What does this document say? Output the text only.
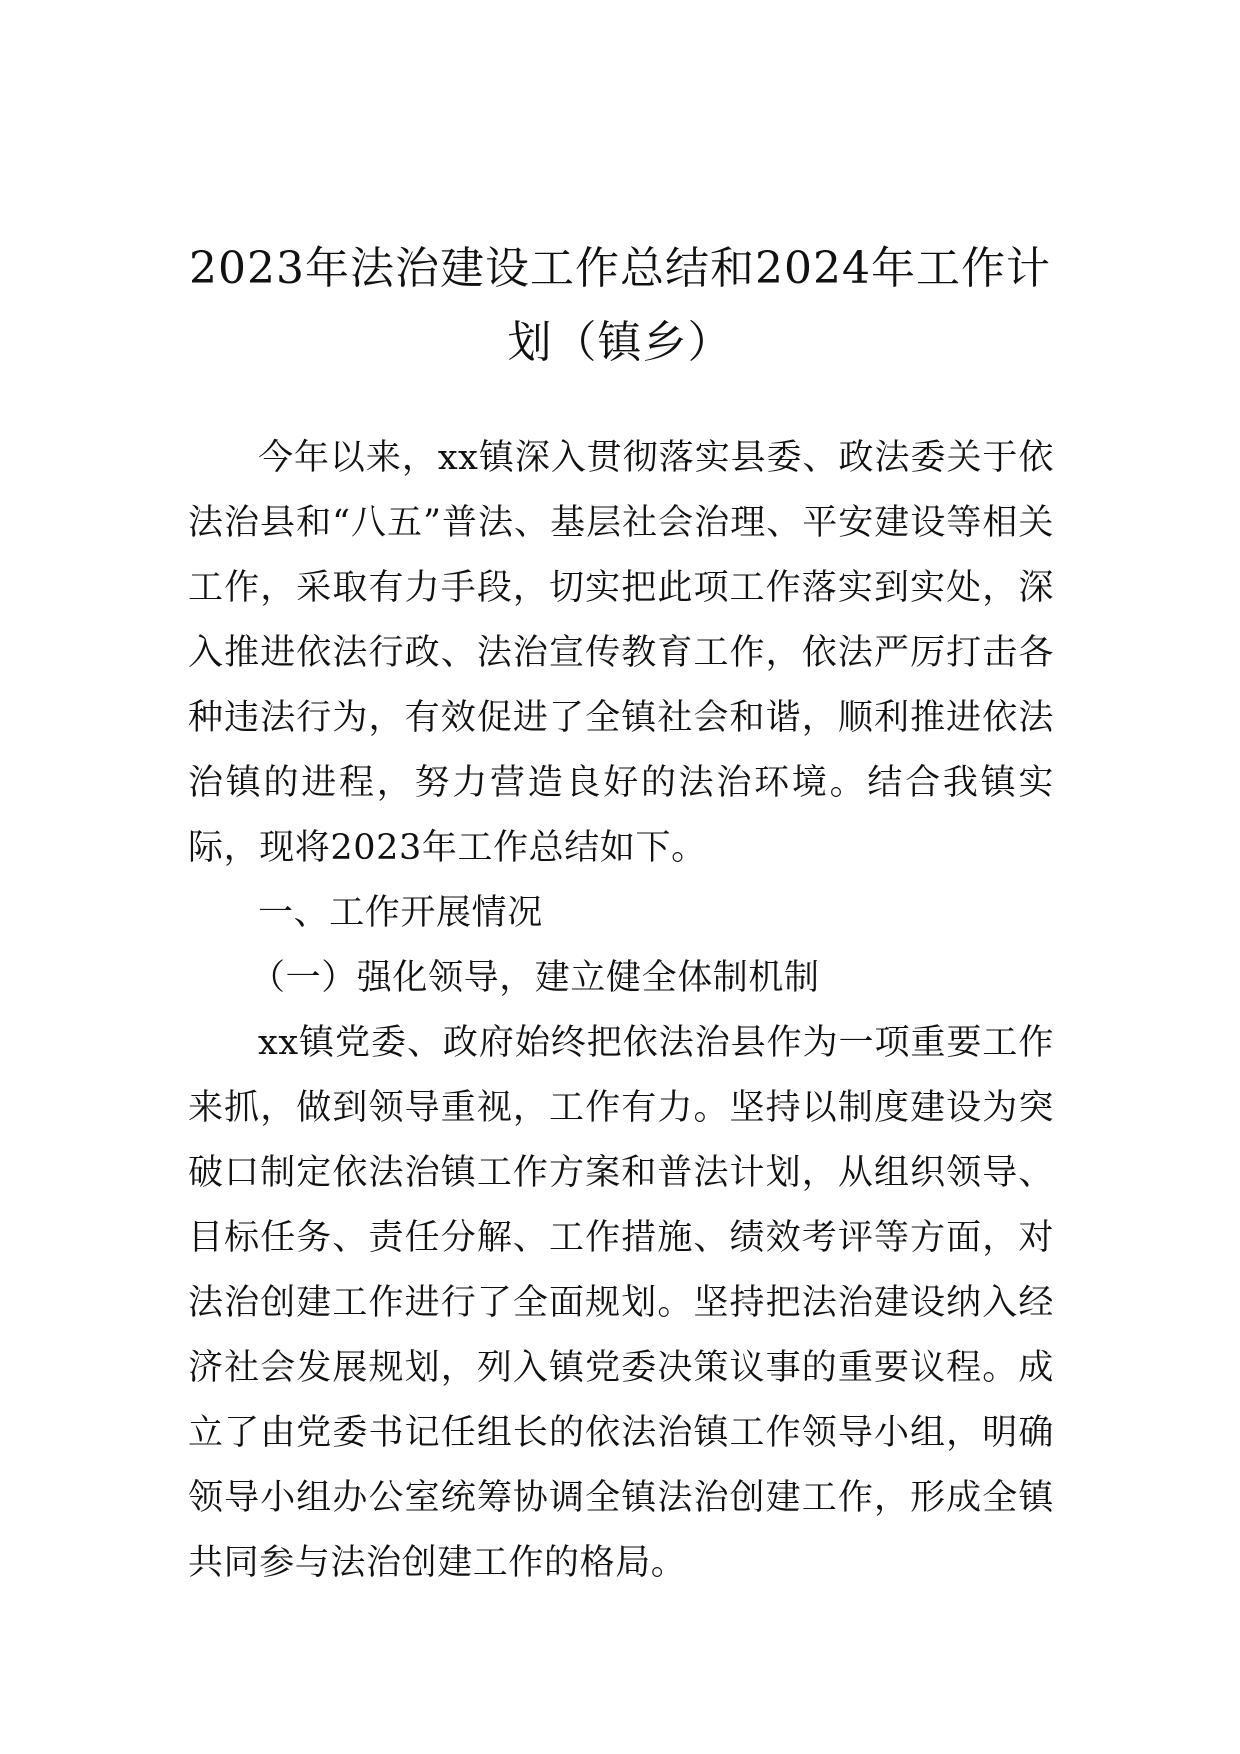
2023年法治建设工作总结和2024年工作计划（镇乡）

今年以来，xx镇深入贯彻落实县委、政法委关于依法治县和“八五”普法、基层社会治理、平安建设等相关工作，采取有力手段，切实把此项工作落实到实处，深入推进依法行政、法治宣传教育工作，依法严厉打击各种违法行为，有效促进了全镇社会和谐，顺利推进依法治镇的进程，努力营造良好的法治环境。结合我镇实际，现将2023年工作总结如下。

一、工作开展情况

（一）强化领导，建立健全体制机制

xx镇党委、政府始终把依法治县作为一项重要工作来抓，做到领导重视，工作有力。坚持以制度建设为突破口制定依法治镇工作方案和普法计划，从组织领导、目标任务、责任分解、工作措施、绩效考评等方面，对法治创建工作进行了全面规划。坚持把法治建设纳入经济社会发展规划，列入镇党委决策议事的重要议程。成立了由党委书记任组长的依法治镇工作领导小组，明确领导小组办公室统筹协调全镇法治创建工作，形成全镇共同参与法治创建工作的格局。
